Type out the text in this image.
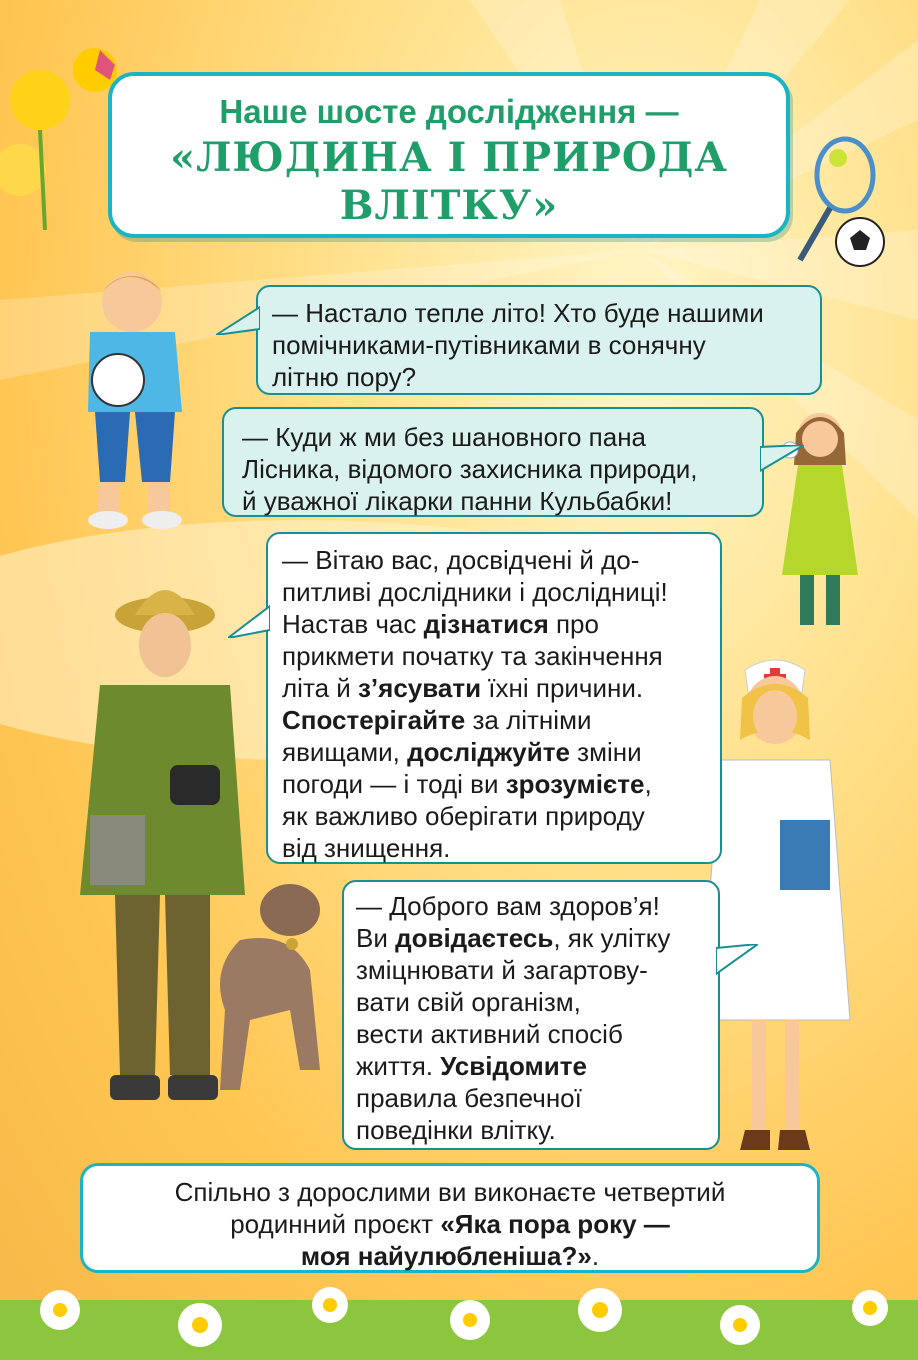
Наше шосте дослідження —
«ЛЮДИНА І ПРИРОДА
ВЛІТКУ»
— Настало тепле літо! Хто буде нашими
помічниками-путівниками в сонячну
літню пору?
— Куди ж ми без шановного пана
Лісника, відомого захисника природи,
й уважної лікарки панни Кульбабки!
— Вітаю вас, досвідчені й до-
питливі дослідники і дослідниці!
Настав час дізнатися про
прикмети початку та закінчення
літа й з’ясувати їхні причини.
Спостерігайте за літніми
явищами, досліджуйте зміни
погоди — і тоді ви зрозумієте,
як важливо оберігати природу
від знищення.
— Доброго вам здоров’я!
Ви довідаєтесь, як улітку
зміцнювати й загартову-
вати свій організм,
вести активний спосіб
життя. Усвідомите
правила безпечної
поведінки влітку.
Спільно з дорослими ви виконаєте четвертий
родинний проєкт «Яка пора року —
моя найулюбленіша?».
